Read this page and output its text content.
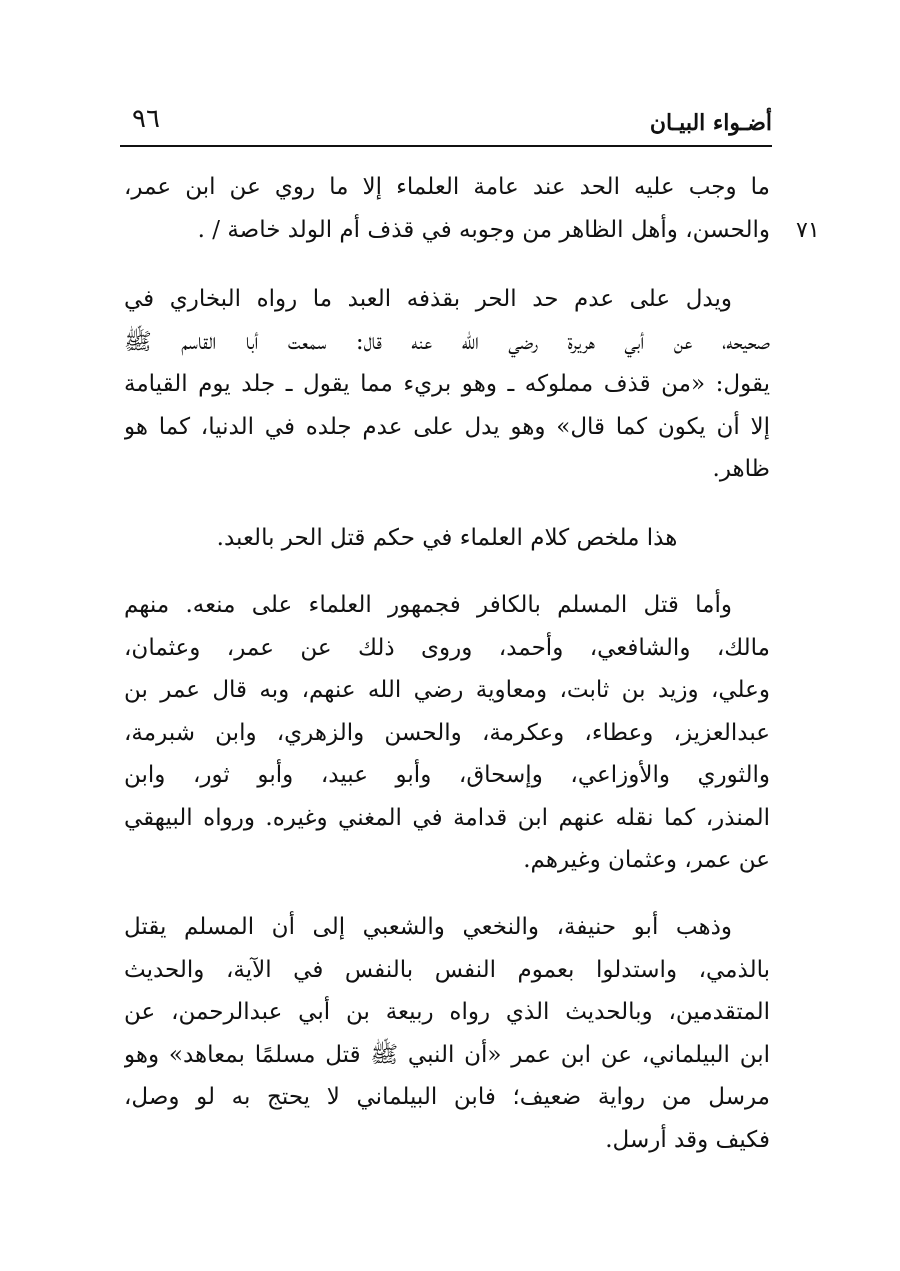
أضـواء البيـان
٩٦
٧١
ما وجب عليه الحد عند عامة العلماء إلا ما روي عن ابن عمر،
والحسن، وأهل الظاهر من وجوبه في قذف أم الولد خاصة / .
ويدل على عدم حد الحر بقذفه العبد ما رواه البخاري في
صحيحه، عن أبي هريرة رضي الله عنه قال: سمعت أبا القاسم ﷺ
يقول: «من قذف مملوكه ـ وهو بريء مما يقول ـ جلد يوم القيامة
إلا أن يكون كما قال» وهو يدل على عدم جلده في الدنيا، كما هو
ظاهر.
هذا ملخص كلام العلماء في حكم قتل الحر بالعبد.
وأما قتل المسلم بالكافر فجمهور العلماء على منعه. منهم
مالك، والشافعي، وأحمد، وروى ذلك عن عمر، وعثمان،
وعلي، وزيد بن ثابت، ومعاوية رضي الله عنهم، وبه قال عمر بن
عبدالعزيز، وعطاء، وعكرمة، والحسن والزهري، وابن شبرمة،
والثوري والأوزاعي، وإسحاق، وأبو عبيد، وأبو ثور، وابن
المنذر، كما نقله عنهم ابن قدامة في المغني وغيره. ورواه البيهقي
عن عمر، وعثمان وغيرهم.
وذهب أبو حنيفة، والنخعي والشعبي إلى أن المسلم يقتل
بالذمي، واستدلوا بعموم النفس بالنفس في الآية، والحديث
المتقدمين، وبالحديث الذي رواه ربيعة بن أبي عبدالرحمن، عن
ابن البيلماني، عن ابن عمر «أن النبي ﷺ قتل مسلمًا بمعاهد» وهو
مرسل من رواية ضعيف؛ فابن البيلماني لا يحتج به لو وصل،
فكيف وقد أرسل.
